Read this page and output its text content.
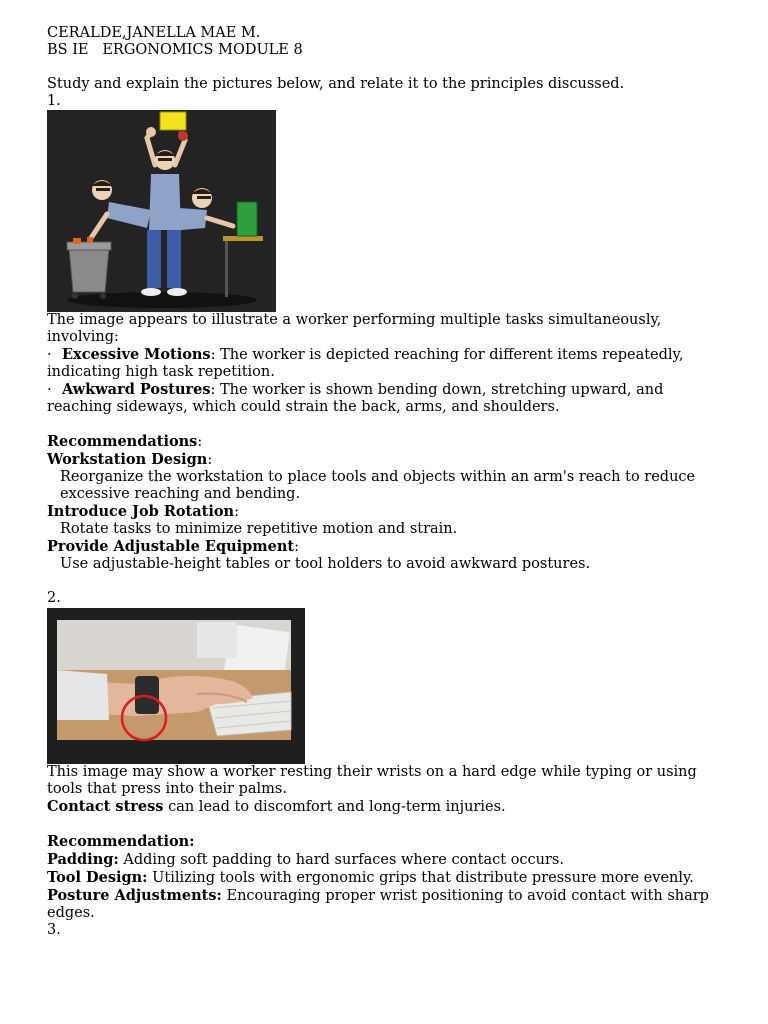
CERALDE,JANELLA MAE M.
BS IE   ERGONOMICS MODULE 8
Study and explain the pictures below, and relate it to the principles discussed.
1.
The image appears to illustrate a worker performing multiple tasks simultaneously, involving:
· Excessive Motions: The worker is depicted reaching for different items repeatedly, indicating high task repetition.
· Awkward Postures: The worker is shown bending down, stretching upward, and reaching sideways, which could strain the back, arms, and shoulders.
Recommendations:
Workstation Design:
Reorganize the workstation to place tools and objects within an arm's reach to reduce excessive reaching and bending.
Introduce Job Rotation:
Rotate tasks to minimize repetitive motion and strain.
Provide Adjustable Equipment:
Use adjustable-height tables or tool holders to avoid awkward postures.
2.
This image may show a worker resting their wrists on a hard edge while typing or using tools that press into their palms.
Contact stress can lead to discomfort and long-term injuries.
Recommendation:
Padding: Adding soft padding to hard surfaces where contact occurs.
Tool Design: Utilizing tools with ergonomic grips that distribute pressure more evenly.
Posture Adjustments: Encouraging proper wrist positioning to avoid contact with sharp edges.
3.
